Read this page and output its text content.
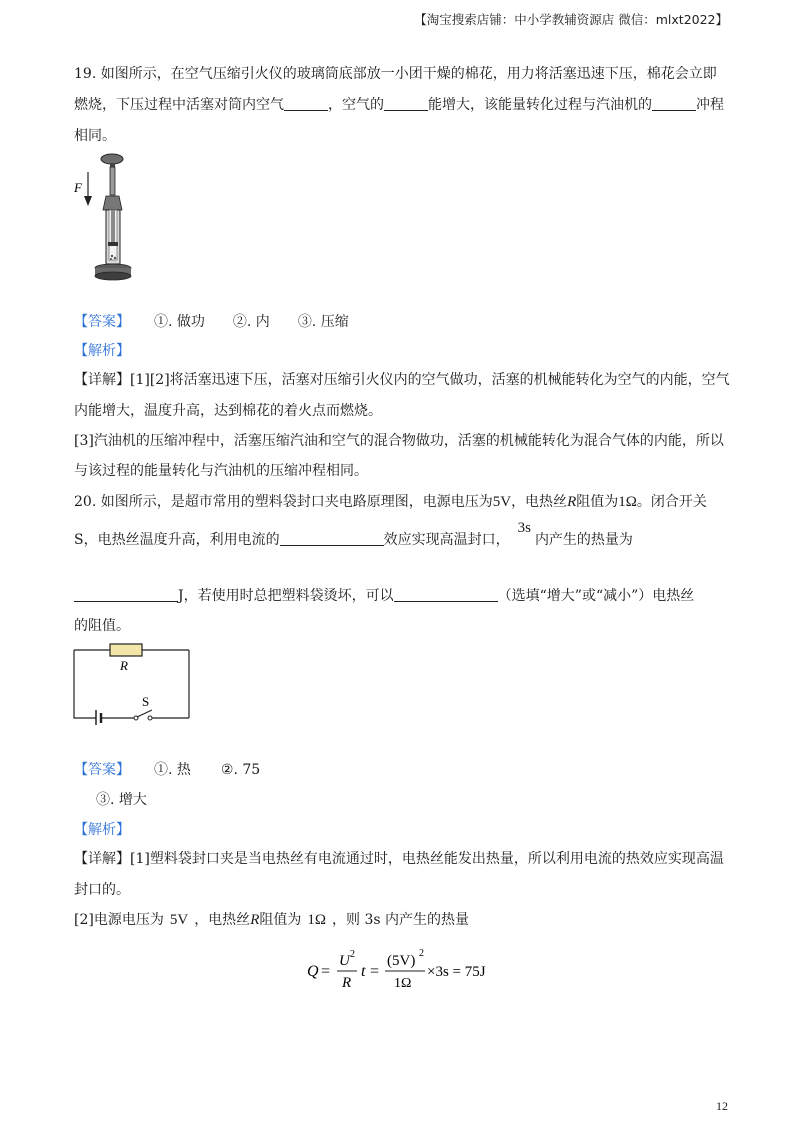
【淘宝搜索店铺：中小学教辅资源店 微信：mlxt2022】
19. 如图所示，在空气压缩引火仪的玻璃筒底部放一小团干燥的棉花，用力将活塞迅速下压，棉花会立即
燃烧，下压过程中活塞对筒内空气	，空气的	能增大，该能量转化过程与汽油机的	冲程
相同。
F
【答案】 ①. 做功 ②. 内 ③. 压缩
【解析】
【详解】[1][2]将活塞迅速下压，活塞对压缩引火仪内的空气做功，活塞的机械能转化为空气的内能，空气
内能增大，温度升高，达到棉花的着火点而燃烧。
[3]汽油机的压缩冲程中，活塞压缩汽油和空气的混合物做功，活塞的机械能转化为混合气体的内能，所以
与该过程的能量转化与汽油机的压缩冲程相同。
20. 如图所示，是超市常用的塑料袋封口夹电路原理图，电源电压为5V，电热丝R阻值为1Ω。闭合开关
S，电热丝温度升高，利用电流的	效应实现高温封口，3s内产生的热量为
J，若使用时总把塑料袋烫坏，可以	（选填“增大”或“减小”）电热丝
的阻值。
R
S
【答案】 ①. 热 ②. 75
③. 增大
【解析】
【详解】[1]塑料袋封口夹是当电热丝有电流通过时，电热丝能发出热量，所以利用电流的热效应实现高温
封口的。
[2]电源电压为 5V ，电热丝R阻值为 1Ω ，则 3s 内产生的热量
Q =
U 2
R
t =
(5V) 2
1Ω
×3s = 75J
12
